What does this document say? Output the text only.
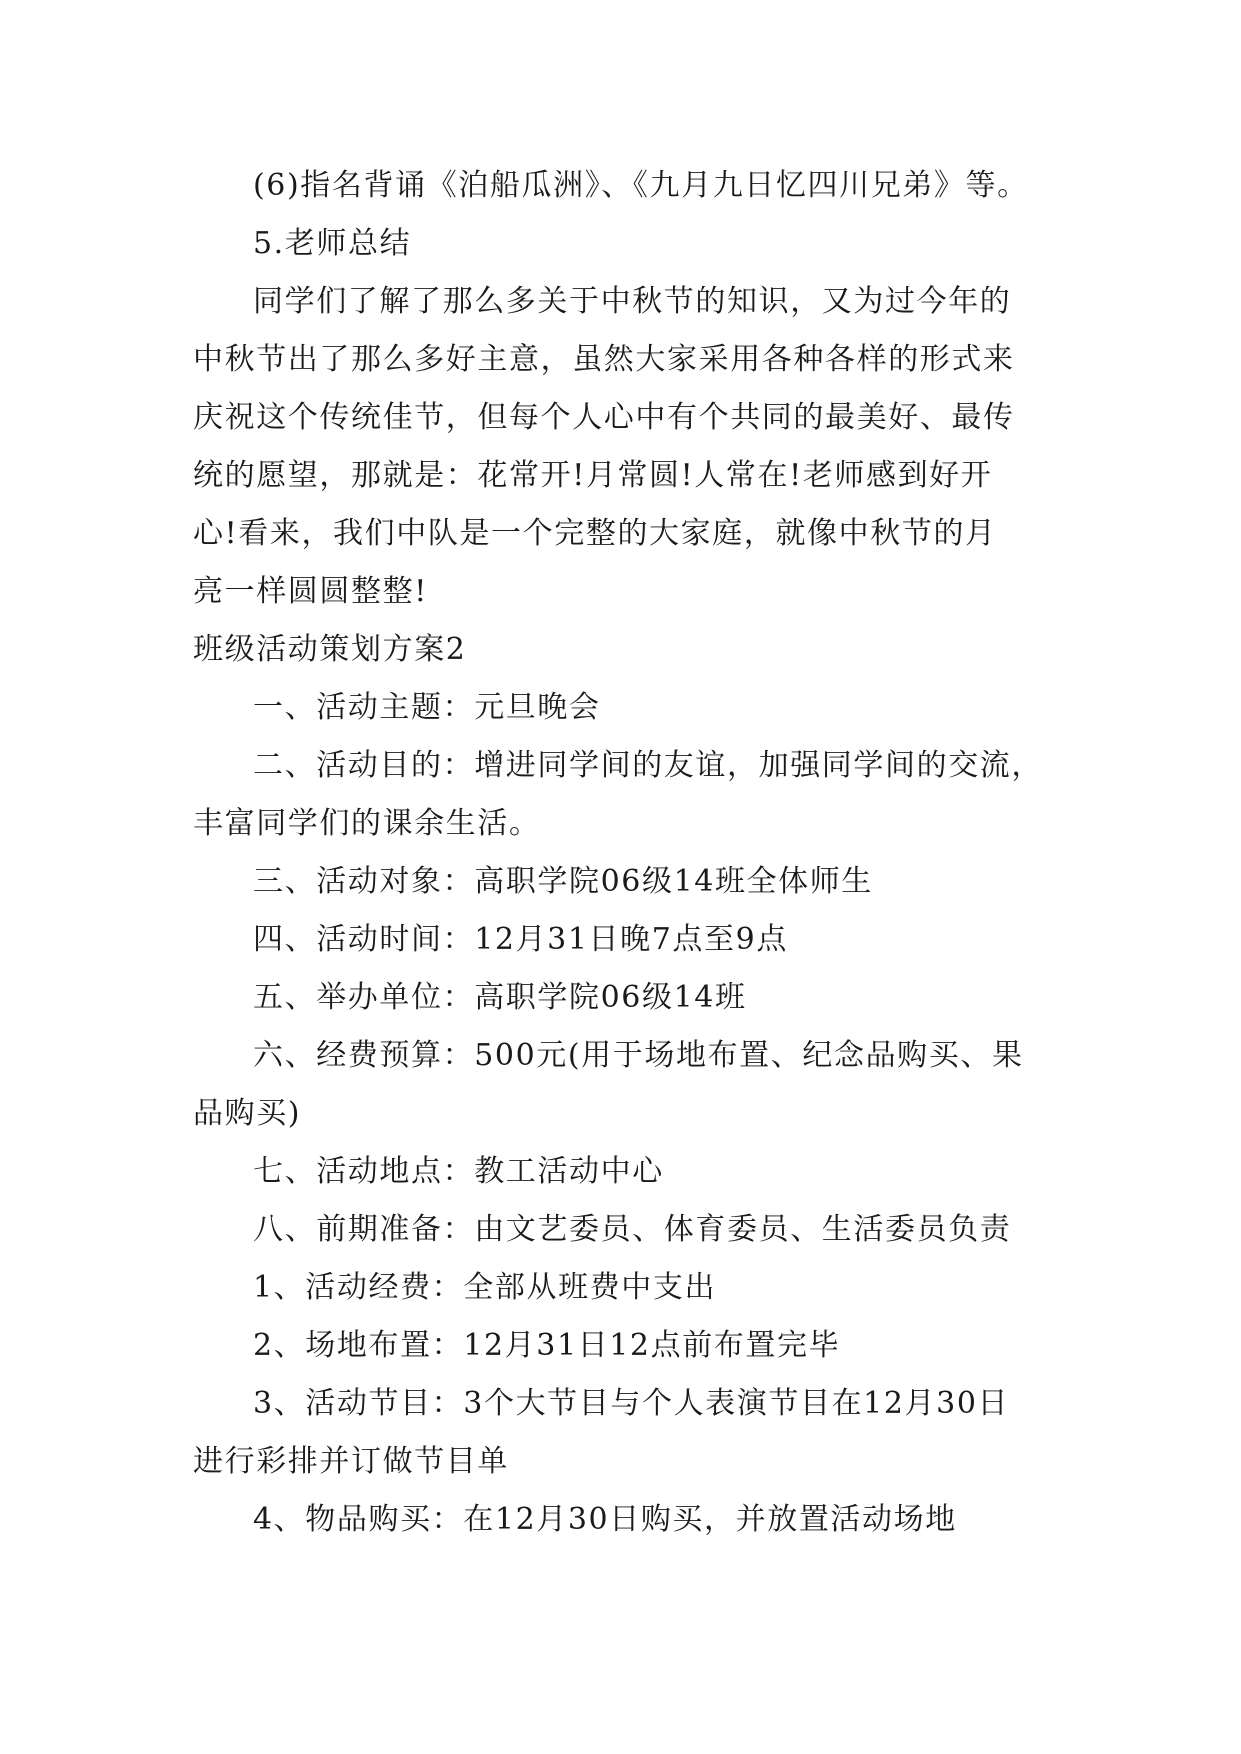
(6)指名背诵《泊船瓜洲》、《九月九日忆四川兄弟》等。

5.老师总结

同学们了解了那么多关于中秋节的知识，又为过今年的

中秋节出了那么多好主意，虽然大家采用各种各样的形式来

庆祝这个传统佳节，但每个人心中有个共同的最美好、最传

统的愿望，那就是：花常开!月常圆!人常在!老师感到好开

心!看来，我们中队是一个完整的大家庭，就像中秋节的月

亮一样圆圆整整!

班级活动策划方案2

一、活动主题：元旦晚会

二、活动目的：增进同学间的友谊，加强同学间的交流，

丰富同学们的课余生活。

三、活动对象：高职学院06级14班全体师生

四、活动时间：12月31日晚7点至9点

五、举办单位：高职学院06级14班

六、经费预算：500元(用于场地布置、纪念品购买、果

品购买)

七、活动地点：教工活动中心

八、前期准备：由文艺委员、体育委员、生活委员负责

1、活动经费：全部从班费中支出

2、场地布置：12月31日12点前布置完毕

3、活动节目：3个大节目与个人表演节目在12月30日

进行彩排并订做节目单

4、物品购买：在12月30日购买，并放置活动场地
